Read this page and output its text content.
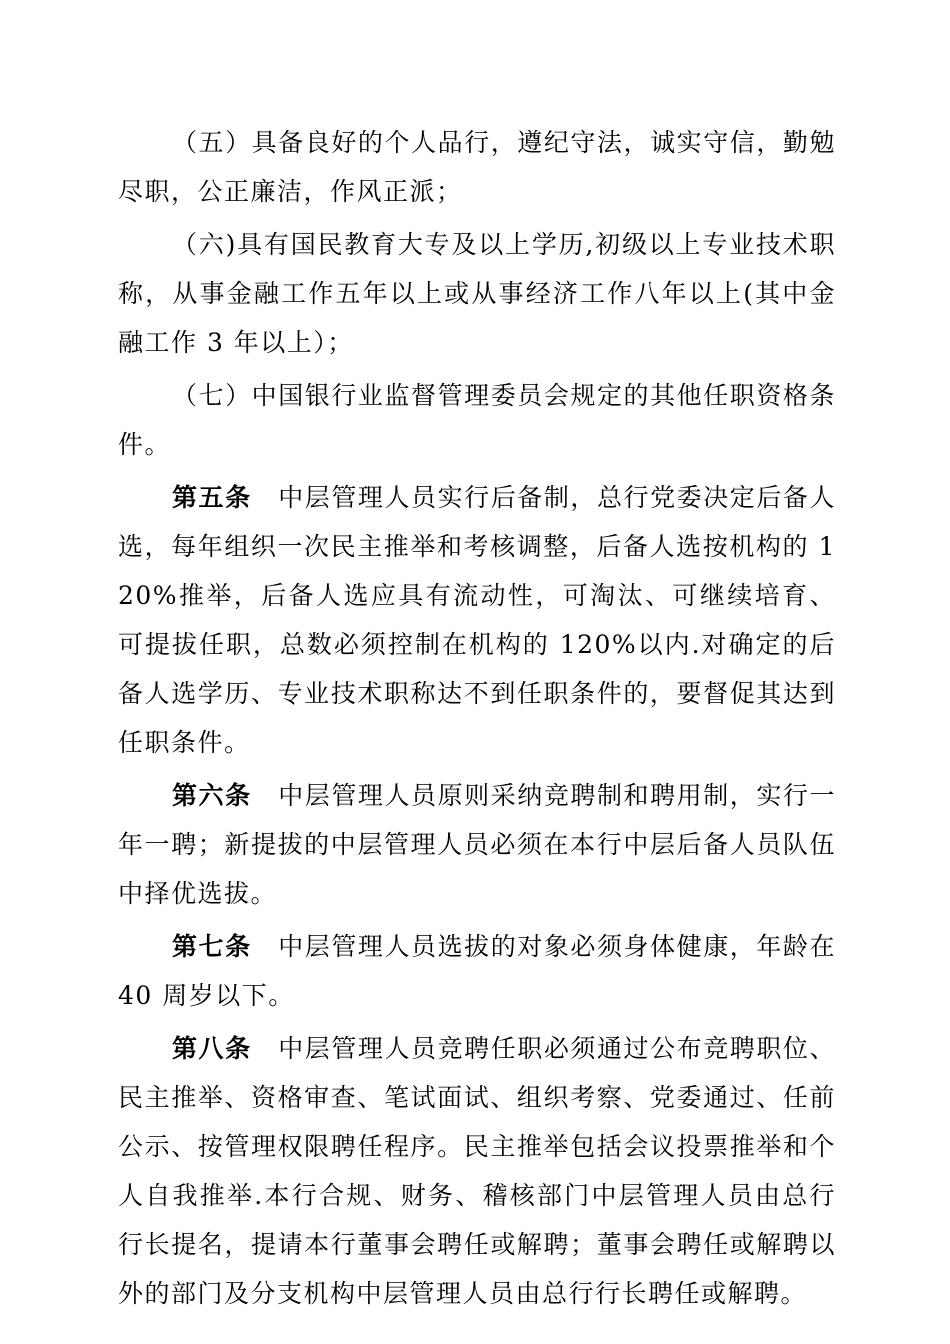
（五）具备良好的个人品行，遵纪守法，诚实守信，勤勉尽职，公正廉洁，作风正派；

（六)具有国民教育大专及以上学历,初级以上专业技术职称，从事金融工作五年以上或从事经济工作八年以上(其中金融工作 3 年以上）；

（七）中国银行业监督管理委员会规定的其他任职资格条件。

第五条  中层管理人员实行后备制，总行党委决定后备人选，每年组织一次民主推举和考核调整，后备人选按机构的 120%推举，后备人选应具有流动性，可淘汰、可继续培育、可提拔任职，总数必须控制在机构的 120%以内.对确定的后备人选学历、专业技术职称达不到任职条件的，要督促其达到任职条件。

第六条  中层管理人员原则采纳竞聘制和聘用制，实行一年一聘；新提拔的中层管理人员必须在本行中层后备人员队伍中择优选拔。

第七条  中层管理人员选拔的对象必须身体健康，年龄在 40 周岁以下。

第八条  中层管理人员竞聘任职必须通过公布竞聘职位、民主推举、资格审查、笔试面试、组织考察、党委通过、任前公示、按管理权限聘任程序。民主推举包括会议投票推举和个人自我推举.本行合规、财务、稽核部门中层管理人员由总行行长提名，提请本行董事会聘任或解聘；董事会聘任或解聘以外的部门及分支机构中层管理人员由总行行长聘任或解聘。
